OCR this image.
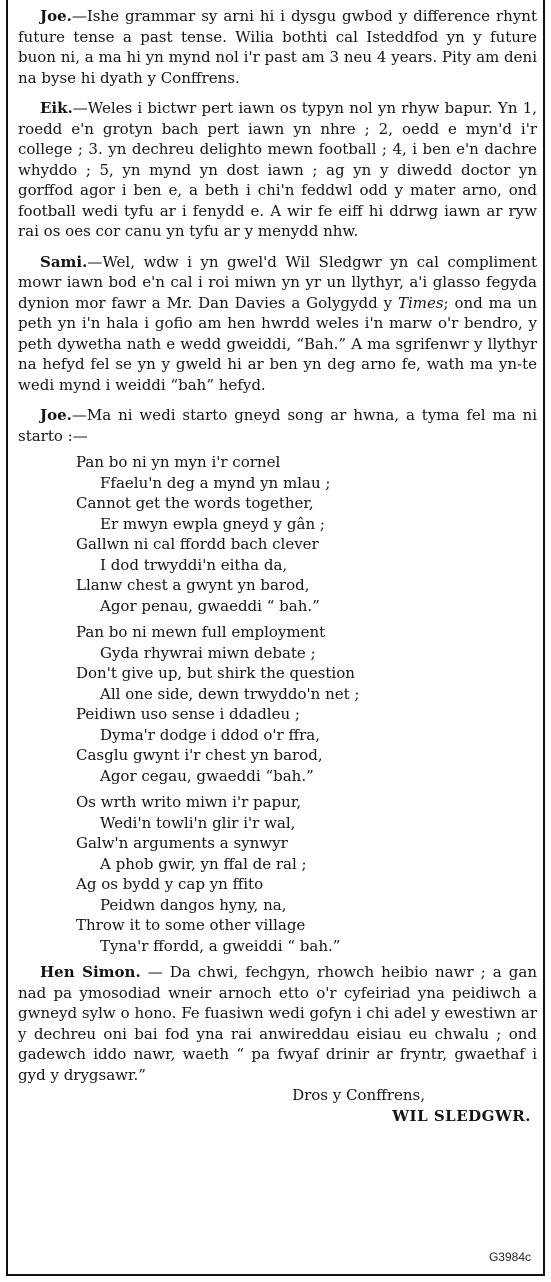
Joe.—Ishe grammar sy arni hi i dysgu gwbod y difference rhynt future tense a past tense. Wilia bothti cal Isteddfod yn y future buon ni, a ma hi yn mynd nol i'r past am 3 neu 4 years. Pity am deni na byse hi dyath y Conffrens.

Eik.—Weles i bictwr pert iawn os typyn nol yn rhyw bapur. Yn 1, roedd e'n grotyn bach pert iawn yn nhre ; 2, oedd e myn'd i'r college ; 3. yn dechreu delighto mewn football ; 4, i ben e'n dachre whyddo ; 5, yn mynd yn dost iawn ; ag yn y diwedd doctor yn gorffod agor i ben e, a beth i chi'n feddwl odd y mater arno, ond football wedi tyfu ar i fenydd e. A wir fe eiff hi ddrwg iawn ar ryw rai os oes cor canu yn tyfu ar y menydd nhw.

Sami.—Wel, wdw i yn gwel'd Wil Sledgwr yn cal compliment mowr iawn bod e'n cal i roi miwn yn yr un llythyr, a'i glasso fegyda dynion mor fawr a Mr. Dan Davies a Golygydd y Times; ond ma un peth yn i'n hala i gofio am hen hwrdd weles i'n marw o'r bendro, y peth dywetha nath e wedd gweiddi, “Bah.” A ma sgrifenwr y llythyr na hefyd fel se yn y gweld hi ar ben yn deg arno fe, wath ma yn-te wedi mynd i weiddi “bah” hefyd.

Joe.—Ma ni wedi starto gneyd song ar hwna, a tyma fel ma ni starto :—

Pan bo ni yn myn i'r cornel
Ffaelu'n deg a mynd yn mlau ;
Cannot get the words together,
Er mwyn ewpla gneyd y gân ;
Gallwn ni cal ffordd bach clever
I dod trwyddi'n eitha da,
Llanw chest a gwynt yn barod,
Agor penau, gwaeddi “ bah.”
Pan bo ni mewn full employment
Gyda rhywrai miwn debate ;
Don't give up, but shirk the question
All one side, dewn trwyddo'n net ;
Peidiwn uso sense i ddadleu ;
Dyma'r dodge i ddod o'r ffra,
Casglu gwynt i'r chest yn barod,
Agor cegau, gwaeddi “bah.”
Os wrth writo miwn i'r papur,
Wedi'n towli'n glir i'r wal,
Galw'n arguments a synwyr
A phob gwir, yn ffal de ral ;
Ag os bydd y cap yn ffito
Peidwn dangos hyny, na,
Throw it to some other village
Tyna'r ffordd, a gweiddi “ bah.”

Hen Simon. — Da chwi, fechgyn, rhowch heibio nawr ; a gan nad pa ymosodiad wneir arnoch etto o'r cyfeiriad yna peidiwch a gwneyd sylw o hono. Fe fuasiwn wedi gofyn i chi adel y ewestiwn ar y dechreu oni bai fod yna rai anwireddau eisiau eu chwalu ; ond gadewch iddo nawr, waeth “ pa fwyaf drinir ar fryntr, gwaethaf i gyd y drygsawr.”

Dros y Conffrens,
WIL SLEDGWR.
G3984c
